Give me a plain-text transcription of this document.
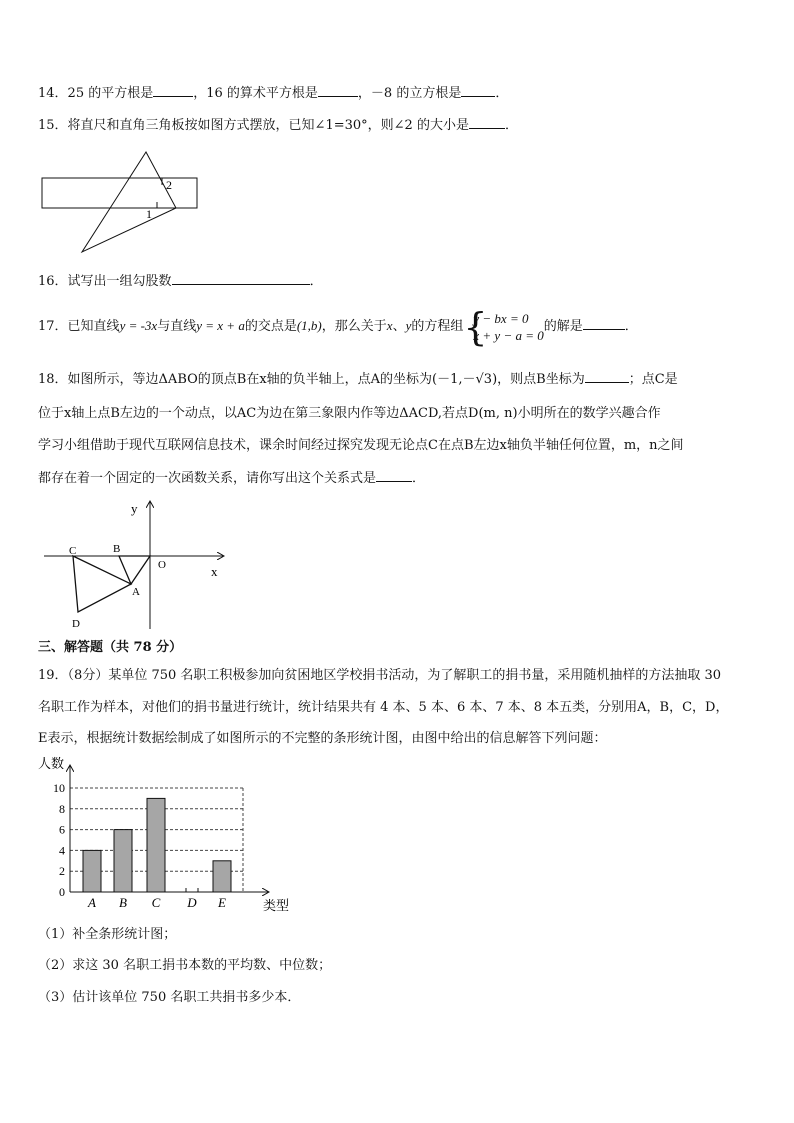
14．25 的平方根是	，16 的算术平方根是	，－8 的立方根是	．
15．将直尺和直角三角板按如图方式摆放，已知∠1=30°，则∠2 的大小是	．
2
1
16．试写出一组勾股数	．
17．已知直线y = -3x与直线y = x + a的交点是(1,b)，那么关于x、y的方程组 {
y − bx = 0
x + y − a = 0
的解是	．
18．如图所示，等边ΔABO的顶点B在x轴的负半轴上，点A的坐标为(－1,－√3)，则点B坐标为	；点C是
位于x轴上点B左边的一个动点，以AC为边在第三象限内作等边ΔACD,若点D(m, n)小明所在的数学兴趣合作
学习小组借助于现代互联网信息技术，课余时间经过探究发现无论点C在点B左边x轴负半轴任何位置，m，n之间
都存在着一个固定的一次函数关系，请你写出这个关系式是	．
y
x
O
A
B
C
D
三、解答题（共 78 分）
19．（8分）某单位 750 名职工积极参加向贫困地区学校捐书活动，为了解职工的捐书量，采用随机抽样的方法抽取 30
名职工作为样本，对他们的捐书量进行统计，统计结果共有 4 本、5 本、6 本、7 本、8 本五类，分别用A，B，C，D，
E表示，根据统计数据绘制成了如图所示的不完整的条形统计图，由图中给出的信息解答下列问题：
0
2
4
6
8
10
A B C D E
人数
类型
（1）补全条形统计图；
（2）求这 30 名职工捐书本数的平均数、中位数；
（3）估计该单位 750 名职工共捐书多少本．
